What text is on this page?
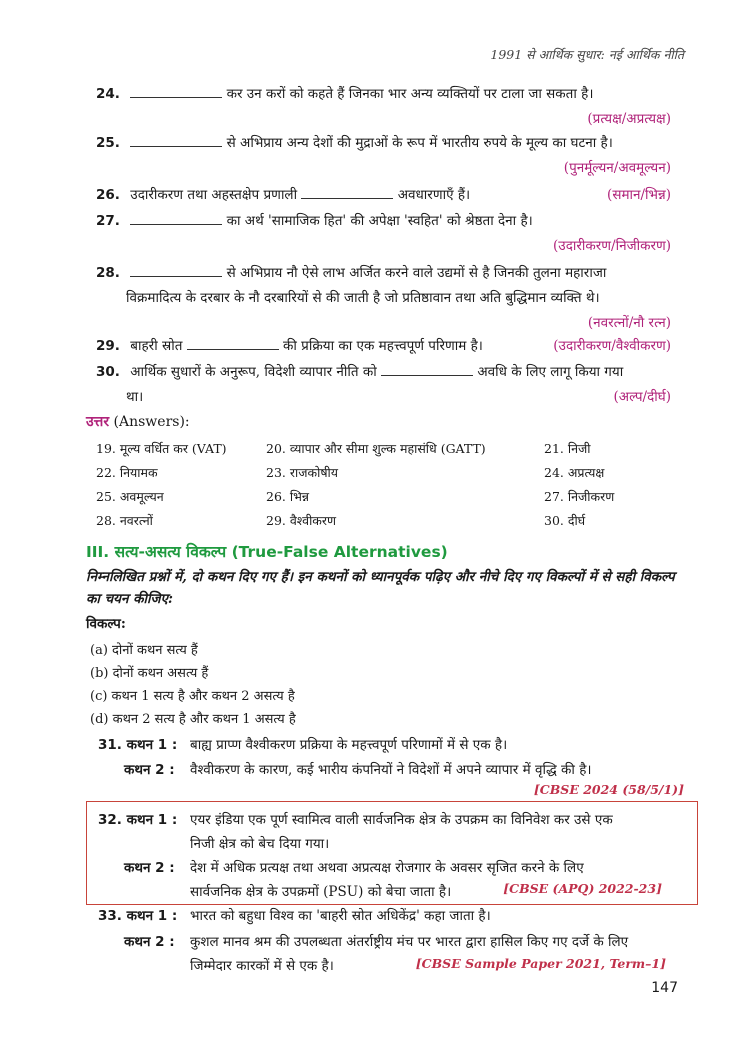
1991 से आर्थिक सुधार: नई आर्थिक नीति
24.	कर उन करों को कहते हैं जिनका भार अन्य व्यक्तियों पर टाला जा सकता है।
(प्रत्यक्ष/अप्रत्यक्ष)
25.	से अभिप्राय अन्य देशों की मुद्राओं के रूप में भारतीय रुपये के मूल्य का घटना है।
(पुनर्मूल्यन/अवमूल्यन)
26. उदारीकरण तथा अहस्तक्षेप प्रणाली	अवधारणाएँ हैं।	(समान/भिन्न)
27.	का अर्थ 'सामाजिक हित' की अपेक्षा 'स्वहित' को श्रेष्ठता देना है।
(उदारीकरण/निजीकरण)
28.	से अभिप्राय नौ ऐसे लाभ अर्जित करने वाले उद्यमों से है जिनकी तुलना महाराजा
विक्रमादित्य के दरबार के नौ दरबारियों से की जाती है जो प्रतिष्ठावान तथा अति बुद्धिमान व्यक्ति थे।
(नवरत्नों/नौ रत्न)
29. बाहरी स्रोत	की प्रक्रिया का एक महत्त्वपूर्ण परिणाम है।	(उदारीकरण/वैश्वीकरण)
30. आर्थिक सुधारों के अनुरूप, विदेशी व्यापार नीति को	अवधि के लिए लागू किया गया
था।	(अल्प/दीर्घ)
उत्तर (Answers):
19. मूल्य वर्धित कर (VAT)	20. व्यापार और सीमा शुल्क महासंधि (GATT)	21. निजी
22. नियामक	23. राजकोषीय	24. अप्रत्यक्ष
25. अवमूल्यन	26. भिन्न	27. निजीकरण
28. नवरत्नों	29. वैश्वीकरण	30. दीर्घ
III. सत्य-असत्य विकल्प (True-False Alternatives)
निम्नलिखित प्रश्नों में, दो कथन दिए गए हैं। इन कथनों को ध्यानपूर्वक पढ़िए और नीचे दिए गए विकल्पों में से सही विकल्प का चयन कीजिए:
विकल्प:
(a) दोनों कथन सत्य हैं
(b) दोनों कथन असत्य हैं
(c) कथन 1 सत्य है और कथन 2 असत्य है
(d) कथन 2 सत्य है और कथन 1 असत्य है
31. कथन 1 : बाह्य प्राप्ण वैश्वीकरण प्रक्रिया के महत्त्वपूर्ण परिणामों में से एक है।
कथन 2 : वैश्वीकरण के कारण, कई भारीय कंपनियों ने विदेशों में अपने व्यापार में वृद्धि की है।
[CBSE 2024 (58/5/1)]
32. कथन 1 : एयर इंडिया एक पूर्ण स्वामित्व वाली सार्वजनिक क्षेत्र के उपक्रम का विनिवेश कर उसे एक
निजी क्षेत्र को बेच दिया गया।
कथन 2 : देश में अधिक प्रत्यक्ष तथा अथवा अप्रत्यक्ष रोजगार के अवसर सृजित करने के लिए
सार्वजनिक क्षेत्र के उपक्रमों (PSU) को बेचा जाता है।	[CBSE (APQ) 2022-23]
33. कथन 1 : भारत को बहुधा विश्व का 'बाहरी स्रोत अधिकेंद्र' कहा जाता है।
कथन 2 : कुशल मानव श्रम की उपलब्धता अंतर्राष्ट्रीय मंच पर भारत द्वारा हासिल किए गए दर्जे के लिए
जिम्मेदार कारकों में से एक है।	[CBSE Sample Paper 2021, Term–1]
147
